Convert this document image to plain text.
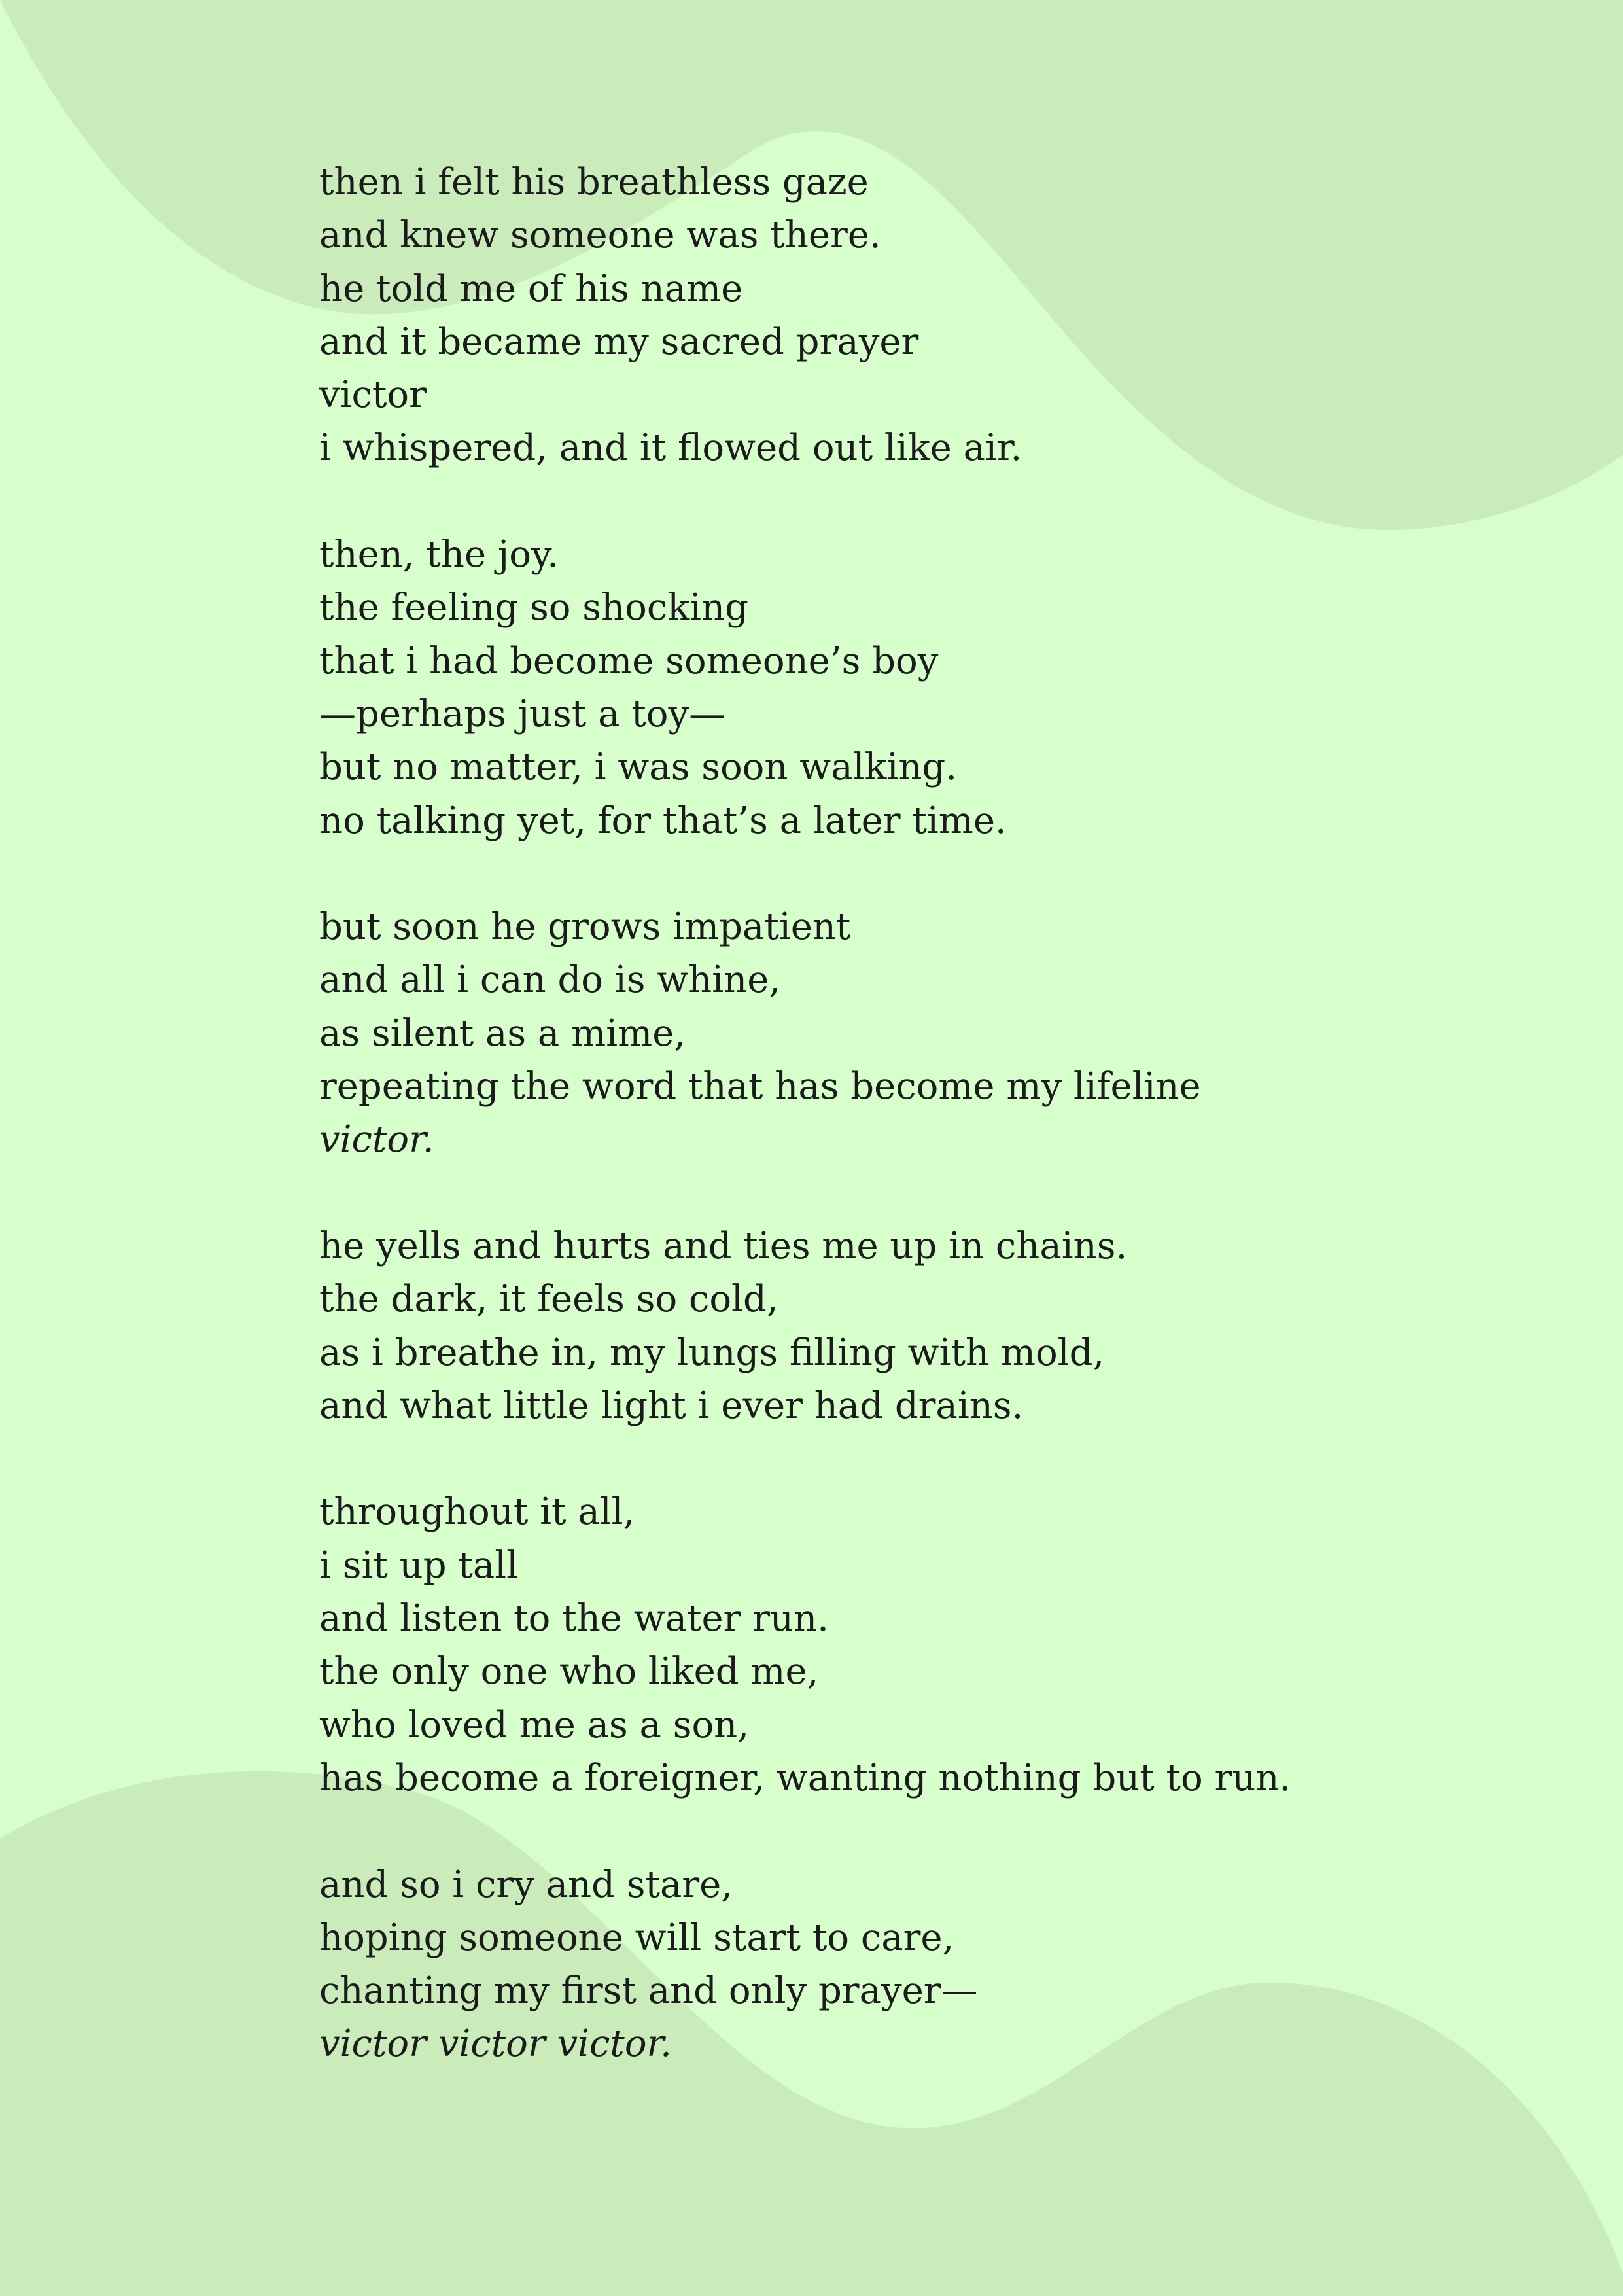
then i felt his breathless gaze
and knew someone was there.
he told me of his name
and it became my sacred prayer
victor
i whispered, and it flowed out like air.
then, the joy.
the feeling so shocking
that i had become someone’s boy
—perhaps just a toy—
but no matter, i was soon walking.
no talking yet, for that’s a later time.
but soon he grows impatient
and all i can do is whine,
as silent as a mime,
repeating the word that has become my lifeline
victor.
he yells and hurts and ties me up in chains.
the dark, it feels so cold,
as i breathe in, my lungs filling with mold,
and what little light i ever had drains.
throughout it all,
i sit up tall
and listen to the water run.
the only one who liked me,
who loved me as a son,
has become a foreigner, wanting nothing but to run.
and so i cry and stare,
hoping someone will start to care,
chanting my first and only prayer—
victor victor victor.
